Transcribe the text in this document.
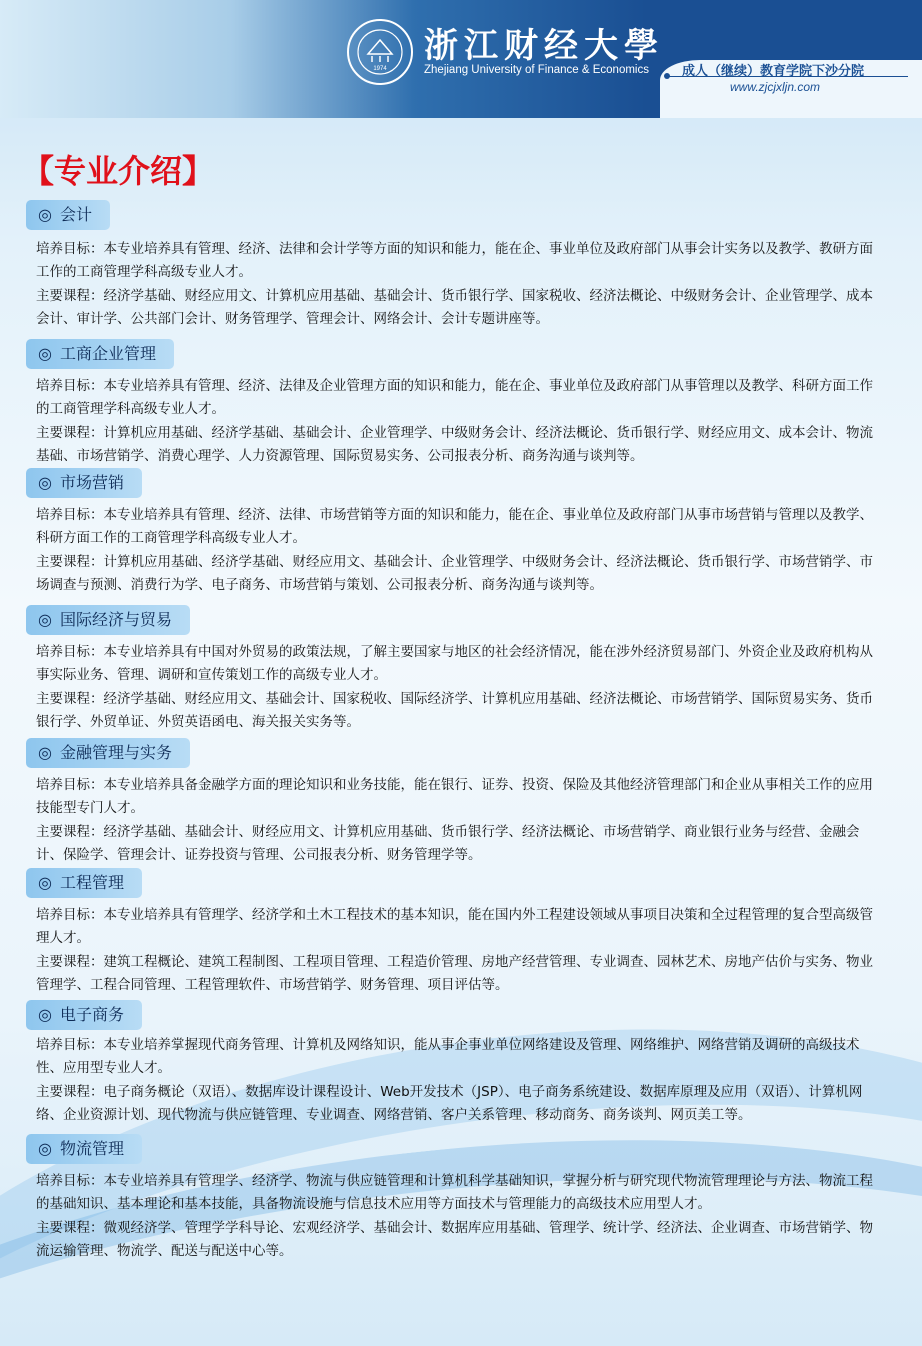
1974
浙江财经大學
Zhejiang University of Finance & Economics	成人（继续）教育学院下沙分院
www.zjcjxljn.com
【专业介绍】
◎ 会计

培养目标：本专业培养具有管理、经济、法律和会计学等方面的知识和能力，能在企、事业单位及政府部门从事会计实务以及教学、教研方面工作的工商管理学科高级专业人才。

主要课程：经济学基础、财经应用文、计算机应用基础、基础会计、货币银行学、国家税收、经济法概论、中级财务会计、企业管理学、成本会计、审计学、公共部门会计、财务管理学、管理会计、网络会计、会计专题讲座等。

◎ 工商企业管理

培养目标：本专业培养具有管理、经济、法律及企业管理方面的知识和能力，能在企、事业单位及政府部门从事管理以及教学、科研方面工作的工商管理学科高级专业人才。

主要课程：计算机应用基础、经济学基础、基础会计、企业管理学、中级财务会计、经济法概论、货币银行学、财经应用文、成本会计、物流基础、市场营销学、消费心理学、人力资源管理、国际贸易实务、公司报表分析、商务沟通与谈判等。

◎ 市场营销

培养目标：本专业培养具有管理、经济、法律、市场营销等方面的知识和能力，能在企、事业单位及政府部门从事市场营销与管理以及教学、科研方面工作的工商管理学科高级专业人才。

主要课程：计算机应用基础、经济学基础、财经应用文、基础会计、企业管理学、中级财务会计、经济法概论、货币银行学、市场营销学、市场调查与预测、消费行为学、电子商务、市场营销与策划、公司报表分析、商务沟通与谈判等。

◎ 国际经济与贸易

培养目标：本专业培养具有中国对外贸易的政策法规，了解主要国家与地区的社会经济情况，能在涉外经济贸易部门、外资企业及政府机构从事实际业务、管理、调研和宣传策划工作的高级专业人才。

主要课程：经济学基础、财经应用文、基础会计、国家税收、国际经济学、计算机应用基础、经济法概论、市场营销学、国际贸易实务、货币银行学、外贸单证、外贸英语函电、海关报关实务等。

◎ 金融管理与实务

培养目标：本专业培养具备金融学方面的理论知识和业务技能，能在银行、证券、投资、保险及其他经济管理部门和企业从事相关工作的应用技能型专门人才。

主要课程：经济学基础、基础会计、财经应用文、计算机应用基础、货币银行学、经济法概论、市场营销学、商业银行业务与经营、金融会计、保险学、管理会计、证券投资与管理、公司报表分析、财务管理学等。

◎ 工程管理

培养目标：本专业培养具有管理学、经济学和土木工程技术的基本知识，能在国内外工程建设领域从事项目决策和全过程管理的复合型高级管理人才。

主要课程：建筑工程概论、建筑工程制图、工程项目管理、工程造价管理、房地产经营管理、专业调查、园林艺术、房地产估价与实务、物业管理学、工程合同管理、工程管理软件、市场营销学、财务管理、项目评估等。

◎ 电子商务

培养目标：本专业培养掌握现代商务管理、计算机及网络知识，能从事企事业单位网络建设及管理、网络维护、网络营销及调研的高级技术性、应用型专业人才。

主要课程：电子商务概论（双语）、数据库设计课程设计、Web开发技术（JSP）、电子商务系统建设、数据库原理及应用（双语）、计算机网络、企业资源计划、现代物流与供应链管理、专业调查、网络营销、客户关系管理、移动商务、商务谈判、网页美工等。

◎ 物流管理

培养目标：本专业培养具有管理学、经济学、物流与供应链管理和计算机科学基础知识，掌握分析与研究现代物流管理理论与方法、物流工程的基础知识、基本理论和基本技能，具备物流设施与信息技术应用等方面技术与管理能力的高级技术应用型人才。

主要课程：微观经济学、管理学学科导论、宏观经济学、基础会计、数据库应用基础、管理学、统计学、经济法、企业调查、市场营销学、物流运输管理、物流学、配送与配送中心等。
